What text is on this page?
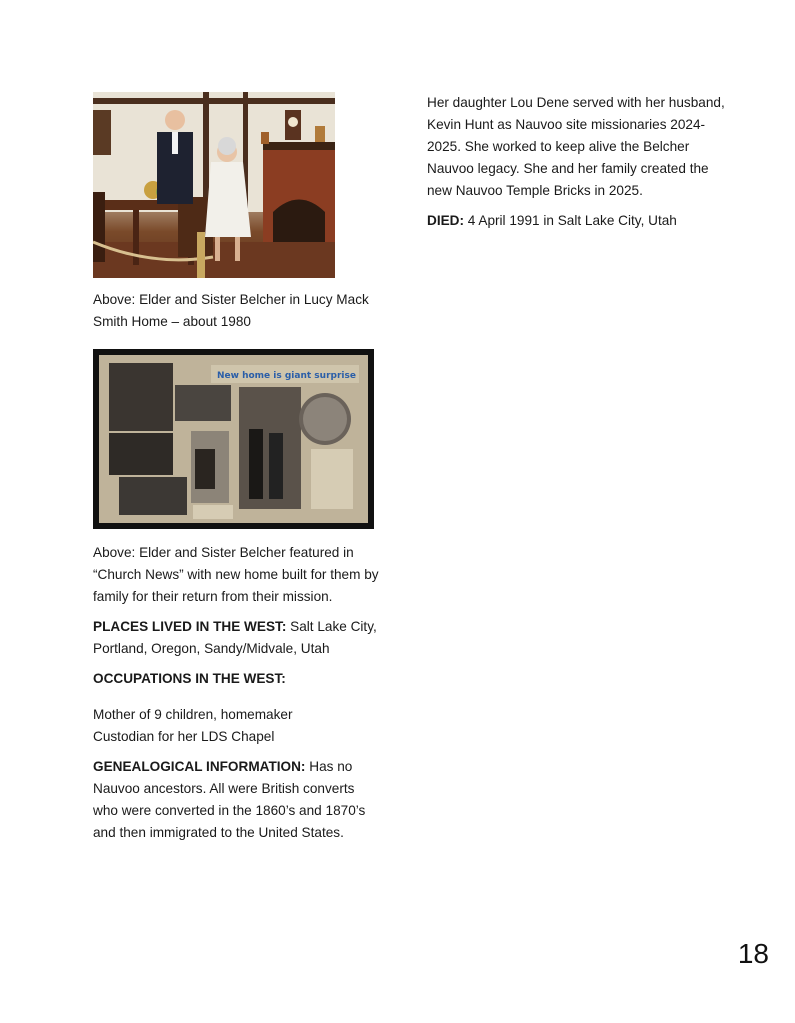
Above: Elder and Sister Belcher in Lucy Mack Smith Home – about 1980

New home is giant surprise

Above: Elder and Sister Belcher featured in “Church News” with new home built for them by family for their return from their mission.

PLACES LIVED IN THE WEST: Salt Lake City, Portland, Oregon, Sandy/Midvale, Utah

OCCUPATIONS IN THE WEST:

Mother of 9 children, homemaker

Custodian for her LDS Chapel

GENEALOGICAL INFORMATION: Has no Nauvoo ancestors. All were British converts who were converted in the 1860’s and 1870’s and then immigrated to the United States.

Her daughter Lou Dene served with her husband, Kevin Hunt as Nauvoo site missionaries 2024-2025. She worked to keep alive the Belcher Nauvoo legacy. She and her family created the new Nauvoo Temple Bricks in 2025.

DIED: 4 April 1991 in Salt Lake City, Utah

18
